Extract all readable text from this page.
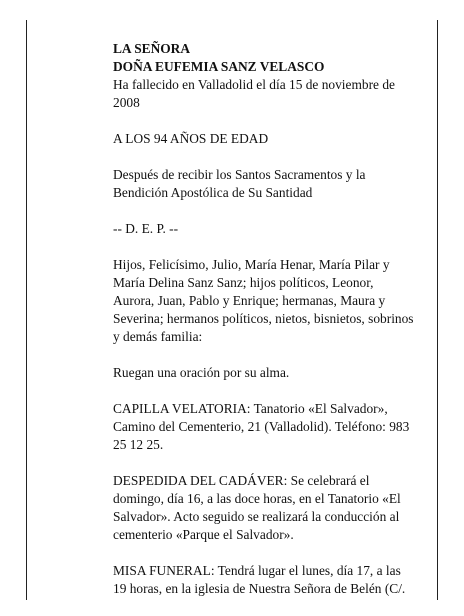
LA SEÑORA
DOÑA EUFEMIA SANZ VELASCO
Ha fallecido en Valladolid el día 15 de noviembre de
2008
A LOS 94 AÑOS DE EDAD
Después de recibir los Santos Sacramentos y la
Bendición Apostólica de Su Santidad
-- D. E. P. --
Hijos, Felicísimo, Julio, María Henar, María Pilar y
María Delina Sanz Sanz; hijos políticos, Leonor,
Aurora, Juan, Pablo y Enrique; hermanas, Maura y
Severina; hermanos políticos, nietos, bisnietos, sobrinos
y demás familia:
Ruegan una oración por su alma.
CAPILLA VELATORIA: Tanatorio «El Salvador»,
Camino del Cementerio, 21 (Valladolid). Teléfono: 983
25 12 25.
DESPEDIDA DEL CADÁVER: Se celebrará el
domingo, día 16, a las doce horas, en el Tanatorio «El
Salvador». Acto seguido se realizará la conducción al
cementerio «Parque el Salvador».
MISA FUNERAL: Tendrá lugar el lunes, día 17, a las
19 horas, en la iglesia de Nuestra Señora de Belén (C/.
